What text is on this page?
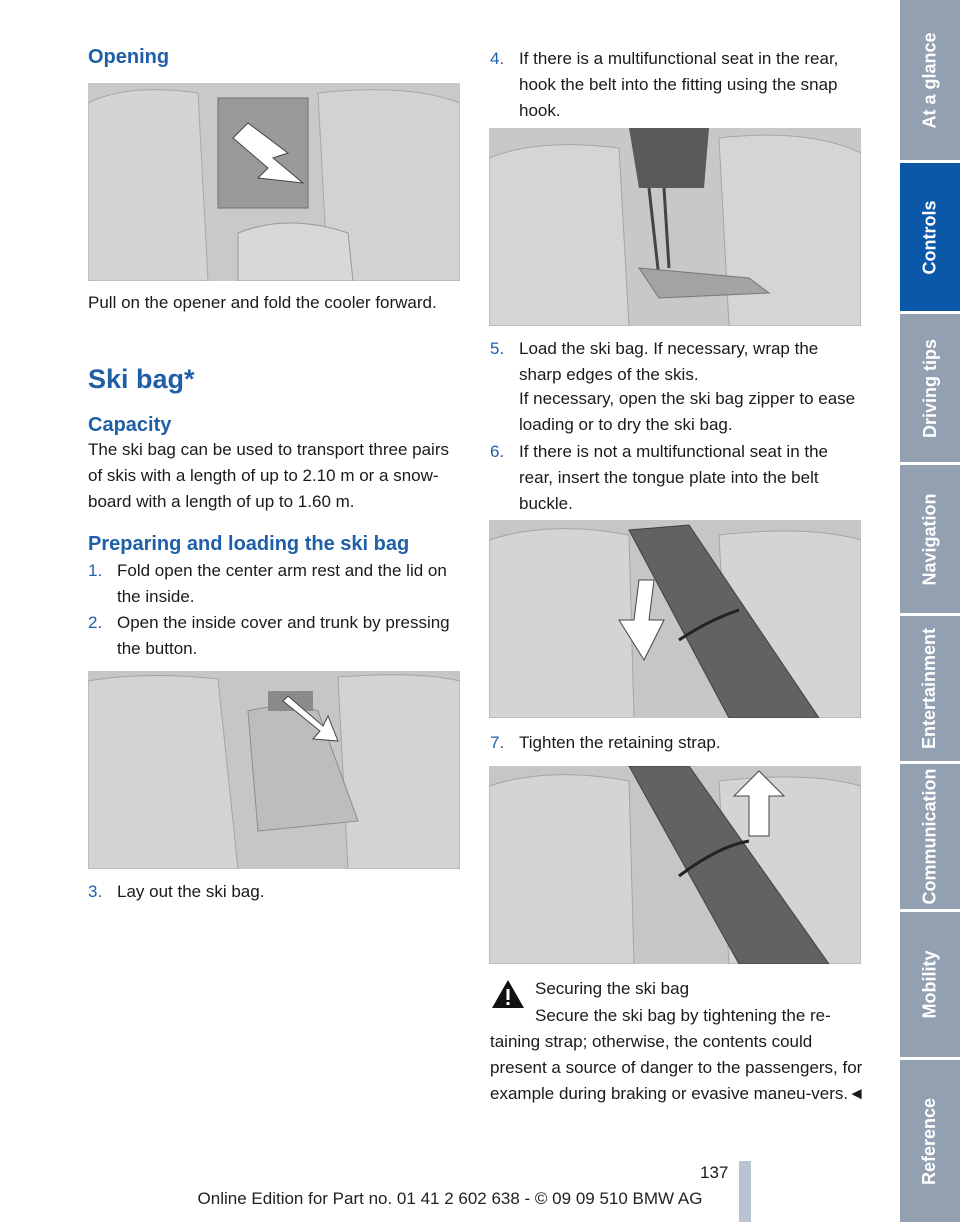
Opening

Pull on the opener and fold the cooler forward.

Ski bag*
Capacity

The ski bag can be used to transport three pairs of skis with a length of up to 2.10 m or a snow-board with a length of up to 1.60 m.

Preparing and loading the ski bag
1. Fold open the center arm rest and the lid on the inside.
2. Open the inside cover and trunk by pressing the button.
3. Lay out the ski bag.
4. If there is a multifunctional seat in the rear, hook the belt into the fitting using the snap hook.
5. Load the ski bag. If necessary, wrap the sharp edges of the skis.
If necessary, open the ski bag zipper to ease loading or to dry the ski bag.
6. If there is not a multifunctional seat in the rear, insert the tongue plate into the belt buckle.
7. Tighten the retaining strap.
Securing the ski bag
Secure the ski bag by tightening the re-
taining strap; otherwise, the contents could present a source of danger to the passengers, for example during braking or evasive maneu-vers.◄
At a glance
Controls
Driving tips
Navigation
Entertainment
Communication
Mobility
Reference
137
Online Edition for Part no. 01 41 2 602 638 - © 09 09 510 BMW AG
